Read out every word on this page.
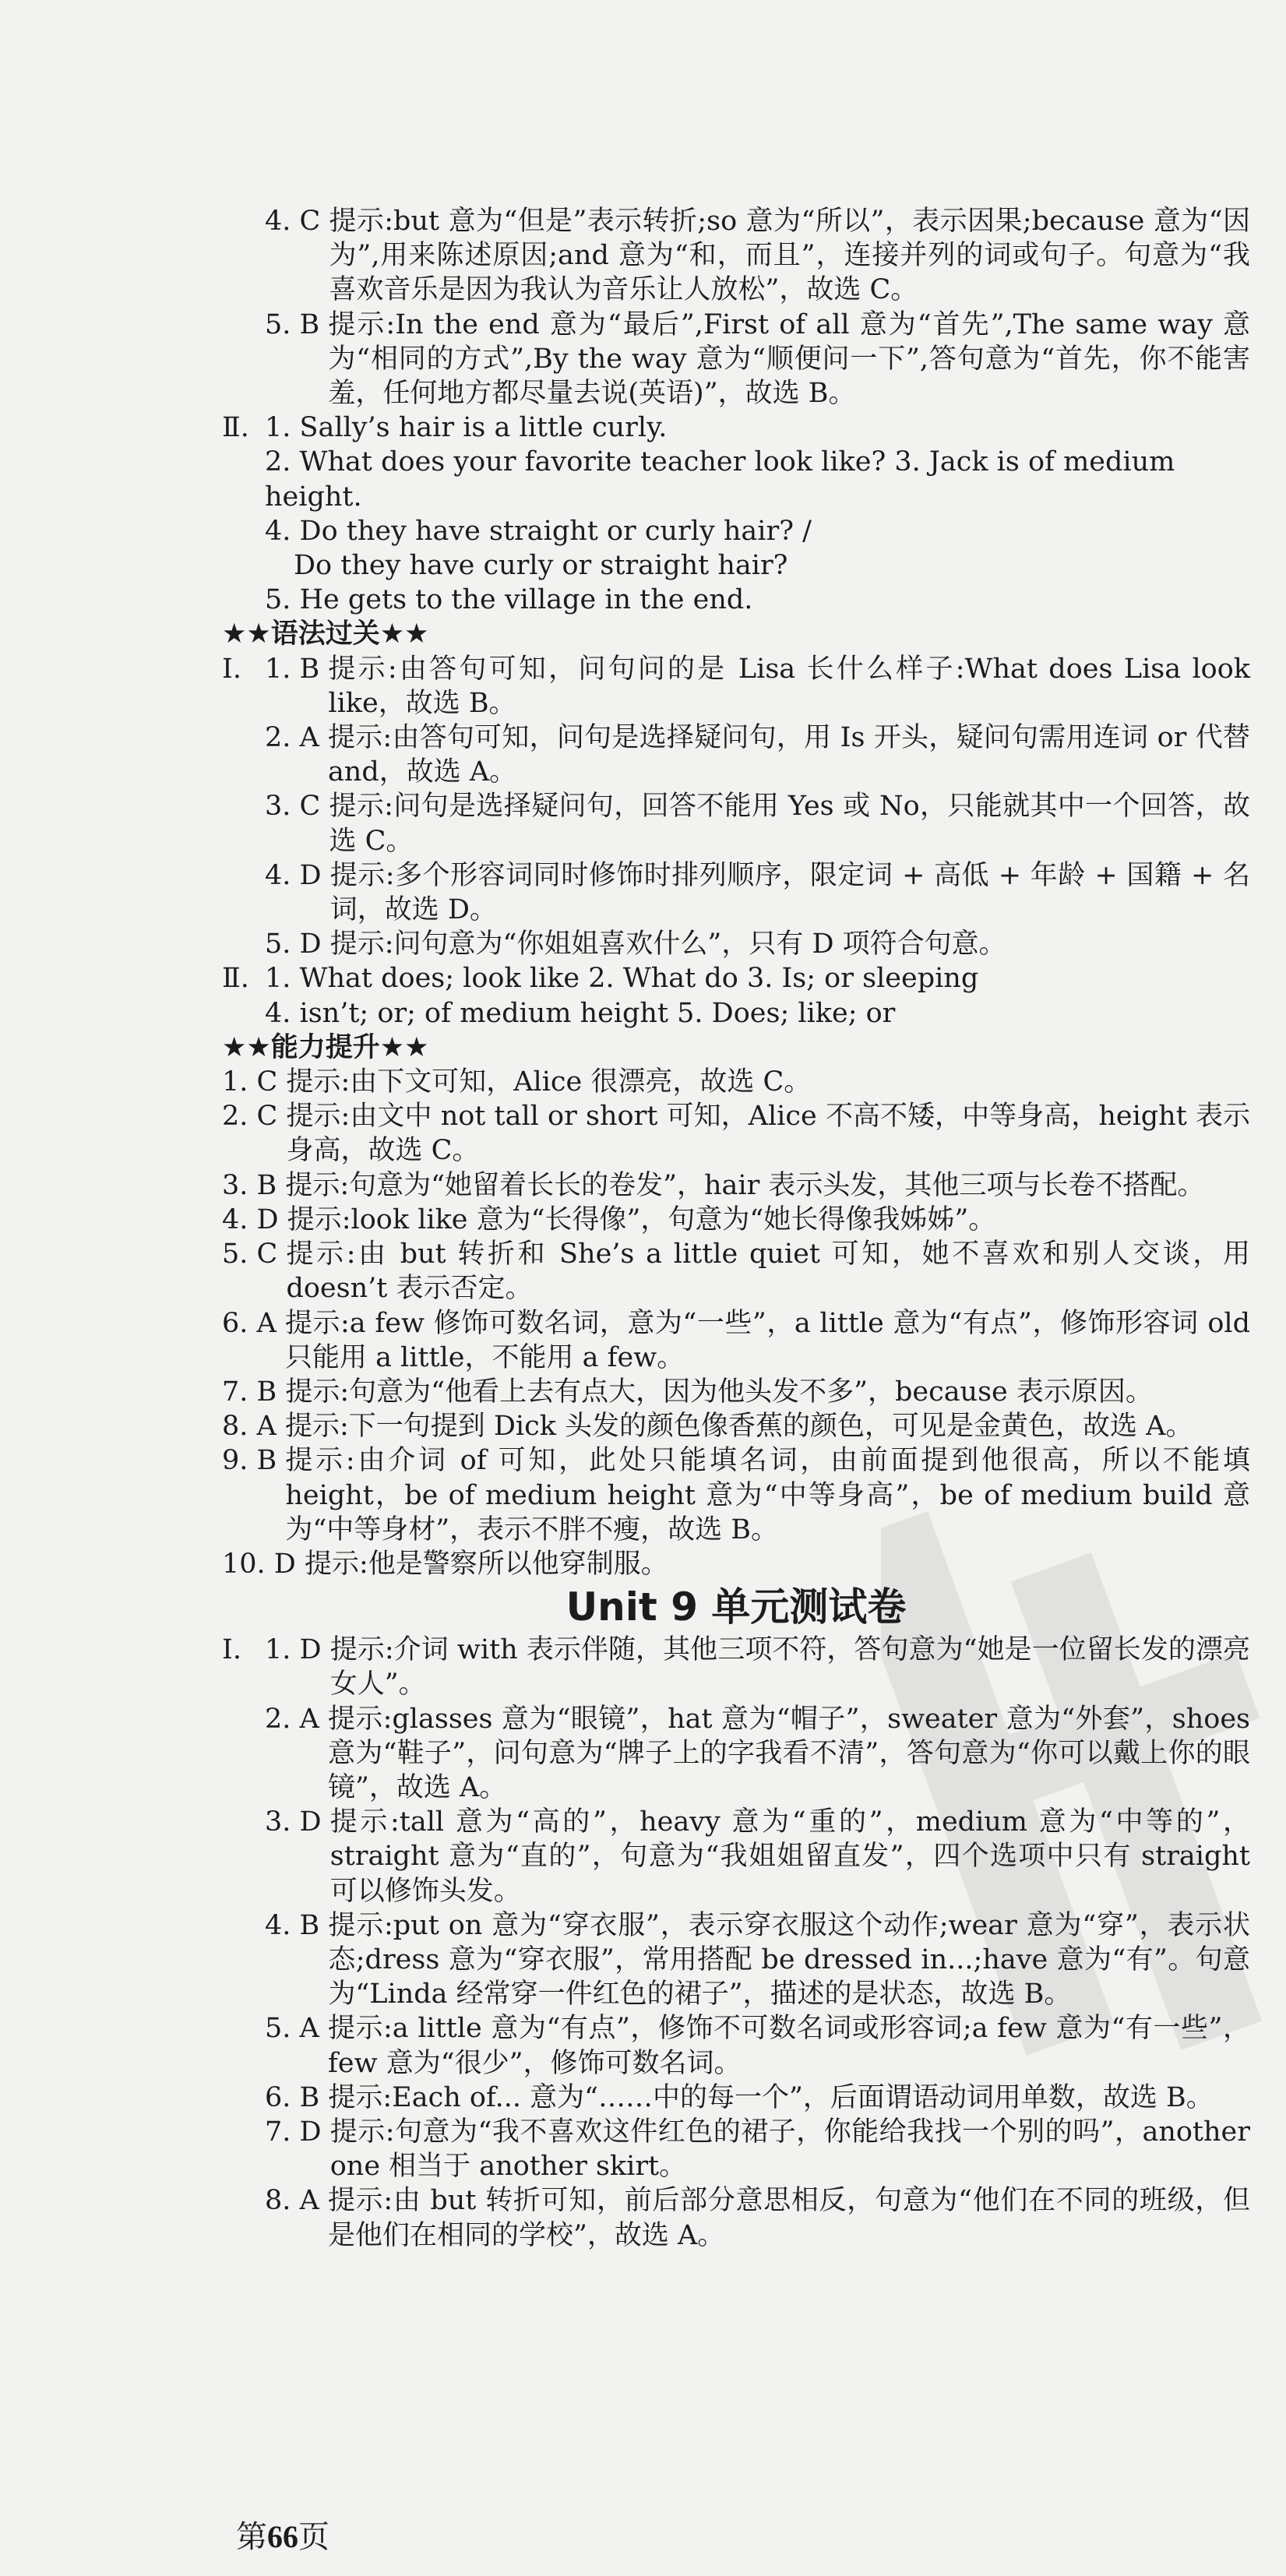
4. C
提示:but 意为“但是”表示转折;so 意为“所以”，表示因果;because 意为“因为”,用来陈述原因;and 意为“和，而且”，连接并列的词或句子。句意为“我喜欢音乐是因为我认为音乐让人放松”，故选 C。
5. B
提示:In the end 意为“最后”,First of all 意为“首先”,The same way 意为“相同的方式”,By the way 意为“顺便问一下”,答句意为“首先，你不能害羞，任何地方都尽量去说(英语)”，故选 B。
Ⅱ. 1. Sally’s hair is a little curly.
2. What does your favorite teacher look like? 3. Jack is of medium height.
4. Do they have straight or curly hair? /
Do they have curly or straight hair?
5. He gets to the village in the end.
★★语法过关★★
Ⅰ. 1. B
提示:由答句可知，问句问的是 Lisa 长什么样子:What does Lisa look like，故选 B。
2. A
提示:由答句可知，问句是选择疑问句，用 Is 开头，疑问句需用连词 or 代替 and，故选 A。
3. C
提示:问句是选择疑问句，回答不能用 Yes 或 No，只能就其中一个回答，故选 C。
4. D
提示:多个形容词同时修饰时排列顺序，限定词 + 高低 + 年龄 + 国籍 + 名词，故选 D。
5. D
提示:问句意为“你姐姐喜欢什么”，只有 D 项符合句意。
Ⅱ. 1. What does; look like 2. What do 3. Is; or sleeping
4. isn’t; or; of medium height 5. Does; like; or
★★能力提升★★
1. C
提示:由下文可知，Alice 很漂亮，故选 C。
2. C
提示:由文中 not tall or short 可知，Alice 不高不矮，中等身高，height 表示身高，故选 C。
3. B
提示:句意为“她留着长长的卷发”，hair 表示头发，其他三项与长卷不搭配。
4. D
提示:look like 意为“长得像”，句意为“她长得像我姊姊”。
5. C
提示:由 but 转折和 She’s a little quiet 可知，她不喜欢和别人交谈，用 doesn’t 表示否定。
6. A
提示:a few 修饰可数名词，意为“一些”，a little 意为“有点”，修饰形容词 old 只能用 a little，不能用 a few。
7. B
提示:句意为“他看上去有点大，因为他头发不多”，because 表示原因。
8. A
提示:下一句提到 Dick 头发的颜色像香蕉的颜色，可见是金黄色，故选 A。
9. B
提示:由介词 of 可知，此处只能填名词，由前面提到他很高，所以不能填 height，be of medium height 意为“中等身高”，be of medium build 意为“中等身材”，表示不胖不瘦，故选 B。
10. D
提示:他是警察所以他穿制服。
Unit 9 单元测试卷
Ⅰ. 1. D
提示:介词 with 表示伴随，其他三项不符，答句意为“她是一位留长发的漂亮女人”。
2. A
提示:glasses 意为“眼镜”，hat 意为“帽子”，sweater 意为“外套”，shoes 意为“鞋子”，问句意为“牌子上的字我看不清”，答句意为“你可以戴上你的眼镜”，故选 A。
3. D
提示:tall 意为“高的”，heavy 意为“重的”，medium 意为“中等的”，straight 意为“直的”，句意为“我姐姐留直发”，四个选项中只有 straight 可以修饰头发。
4. B
提示:put on 意为“穿衣服”，表示穿衣服这个动作;wear 意为“穿”，表示状态;dress 意为“穿衣服”，常用搭配 be dressed in...;have 意为“有”。句意为“Linda 经常穿一件红色的裙子”，描述的是状态，故选 B。
5. A
提示:a little 意为“有点”，修饰不可数名词或形容词;a few 意为“有一些”，few 意为“很少”，修饰可数名词。
6. B
提示:Each of... 意为“……中的每一个”，后面谓语动词用单数，故选 B。
7. D
提示:句意为“我不喜欢这件红色的裙子，你能给我找一个别的吗”，another one 相当于 another skirt。
8. A
提示:由 but 转折可知，前后部分意思相反，句意为“他们在不同的班级，但是他们在相同的学校”，故选 A。
第66页
